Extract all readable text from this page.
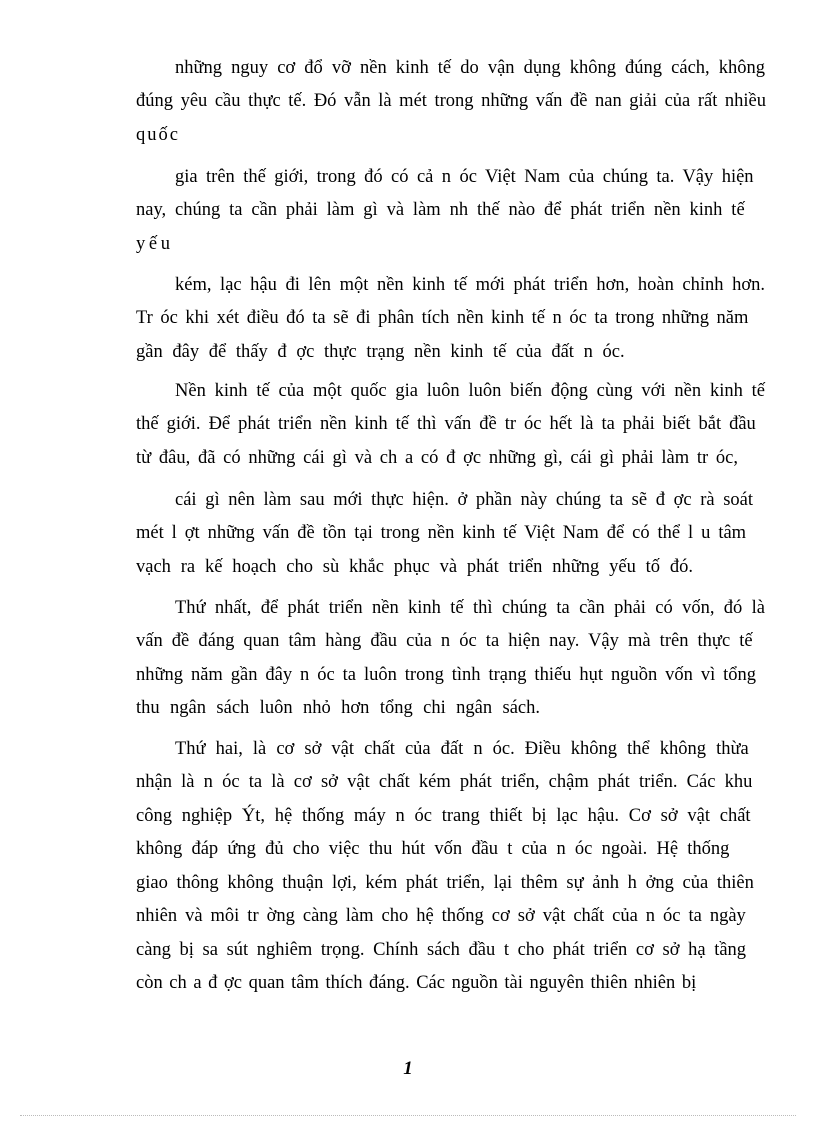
những nguy cơ đổ vỡ nền kinh tế do vận dụng không đúng cách, không
đúng yêu cầu thực tế. Đó vẫn là mét trong những vấn đề nan giải của rất nhiều
quốc
gia trên thế giới, trong đó có cả n óc Việt Nam của chúng ta. Vậy hiện
nay, chúng ta cần phải làm gì và làm nh thế nào để phát triển nền kinh tế
yếu
kém, lạc hậu đi lên một nền kinh tế mới phát triển hơn, hoàn chỉnh hơn.
Tr óc khi xét điều đó ta sẽ đi phân tích nền kinh tế n óc ta trong những năm
gần đây để thấy đ ợc thực trạng nền kinh tế của đất n óc.
Nền kinh tế của một quốc gia luôn luôn biến động cùng với nền kinh tế
thế giới. Để phát triển nền kinh tế thì vấn đề tr óc hết là ta phải biết bắt đầu
từ đâu, đã có những cái gì và ch a có đ ợc những gì, cái gì phải làm tr óc,
cái gì nên làm sau mới thực hiện. ở phần này chúng ta sẽ đ ợc rà soát
mét l ợt những vấn đề tồn tại trong nền kinh tế Việt Nam để có thể l u tâm
vạch ra kế hoạch cho sù khắc phục và phát triển những yếu tố đó.
Thứ nhất, để phát triển nền kinh tế thì chúng ta cần phải có vốn, đó là
vấn đề đáng quan tâm hàng đầu của n óc ta hiện nay. Vậy mà trên thực tế
những năm gần đây n óc ta luôn trong tình trạng thiếu hụt nguồn vốn vì tổng
thu ngân sách luôn nhỏ hơn tổng chi ngân sách.
Thứ hai, là cơ sở vật chất của đất n óc. Điều không thể không thừa
nhận là n óc ta là cơ sở vật chất kém phát triển, chậm phát triển. Các khu
công nghiệp Ýt, hệ thống máy n óc trang thiết bị lạc hậu. Cơ sở vật chất
không đáp ứng đủ cho việc thu hút vốn đầu t của n óc ngoài. Hệ thống
giao thông không thuận lợi, kém phát triển, lại thêm sự ảnh h ởng của thiên
nhiên và môi tr ờng càng làm cho hệ thống cơ sở vật chất của n óc ta ngày
càng bị sa sút nghiêm trọng. Chính sách đầu t cho phát triển cơ sở hạ tầng
còn ch a đ ợc quan tâm thích đáng. Các nguồn tài nguyên thiên nhiên bị
1
